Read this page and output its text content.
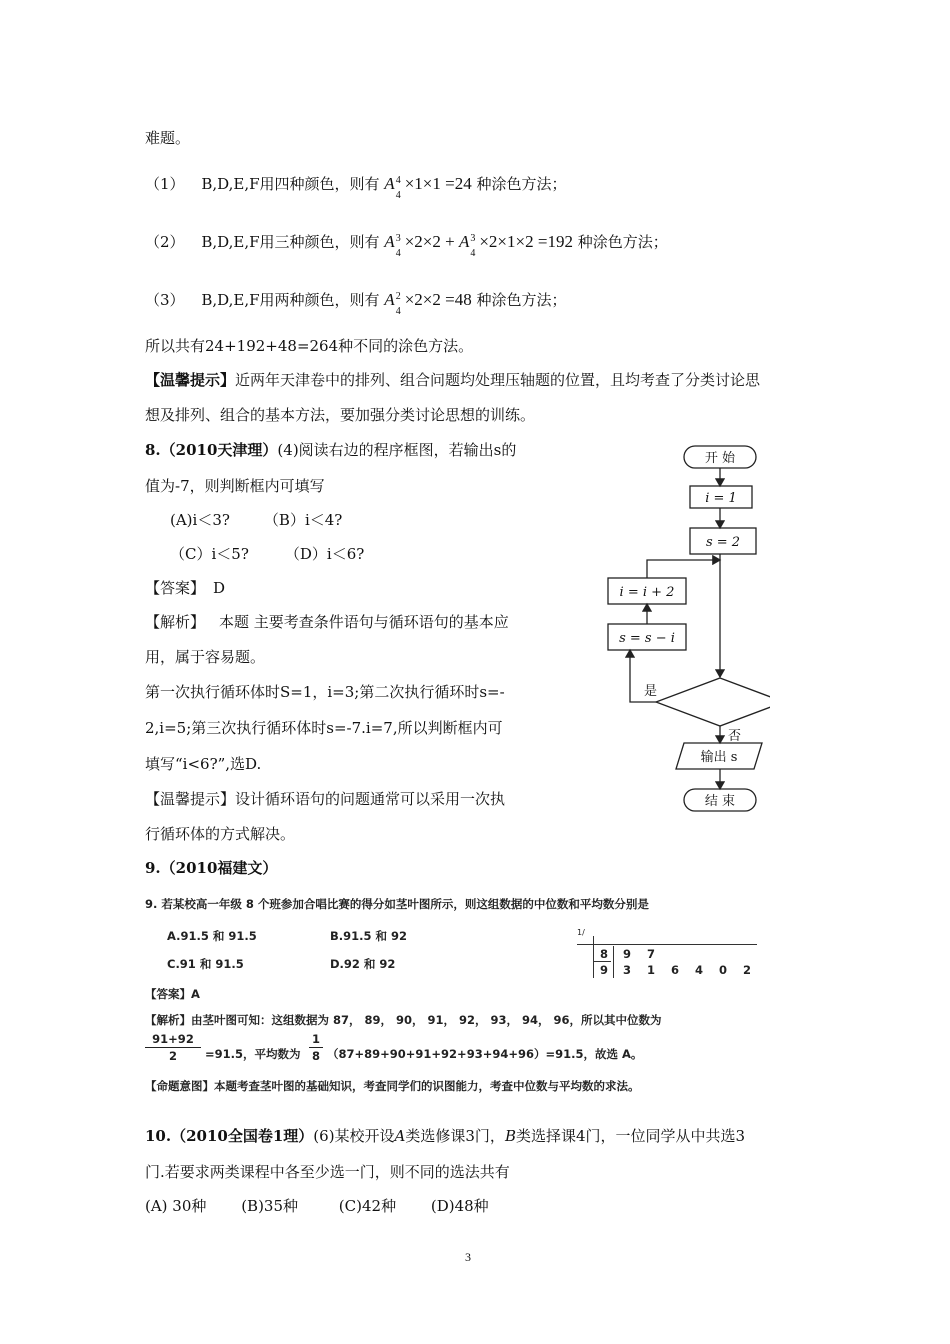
难题。
（1） B,D,E,F用四种颜色，则有 A 4
4
×1×1 =24 种涂色方法；
（2） B,D,E,F用三种颜色，则有 A 3
4
×2×2 + A 3
4
×2×1×2 =192 种涂色方法；
（3） B,D,E,F用两种颜色，则有 A 2
4
×2×2 =48 种涂色方法；
所以共有24+192+48=264种不同的涂色方法。
【温馨提示】近两年天津卷中的排列、组合问题均处理压轴题的位置，且均考查了分类讨论思
想及排列、组合的基本方法，要加强分类讨论思想的训练。
8.（2010天津理）(4)阅读右边的程序框图，若输出s的
值为-7，则判断框内可填写
(A)i＜3? （B）i＜4?
（C）i＜5? （D）i＜6?
【答案】 D
【解析】 本题 主要考查条件语句与循环语句的基本应
用，属于容易题。
第一次执行循环体时S=1，i=3;第二次执行循环时s=-
2,i=5;第三次执行循环体时s=-7.i=7,所以判断框内可
填写“i<6?”,选D.
【温馨提示】设计循环语句的问题通常可以采用一次执
行循环体的方式解决。
开 始
i = 1
s = 2
i = i + 2
s = s − i
是
否
输出 s
结 束
9.（2010福建文）
9. 若某校高一年级 8 个班参加合唱比赛的得分如茎叶图所示，则这组数据的中位数和平均数分别是
A.91.5 和 91.5	B.91.5 和 92
C.91 和 91.5	D.92 和 92
1/
8 9 7
9 3 1 6 4 0 2
【答案】A
【解析】由茎叶图可知：这组数据为 87， 89， 90， 91， 92， 93， 94， 96，所以其中位数为
91+92
2	=91.5，平均数为
1
8 （87+89+90+91+92+93+94+96）=91.5，故选 A。
【命题意图】本题考查茎叶图的基础知识，考查同学们的识图能力，考查中位数与平均数的求法。
10.（2010全国卷1理）(6)某校开设A类选修课3门，B类选择课4门，一位同学从中共选3
门.若要求两类课程中各至少选一门，则不同的选法共有
(A) 30种 (B)35种	(C)42种 (D)48种
3
